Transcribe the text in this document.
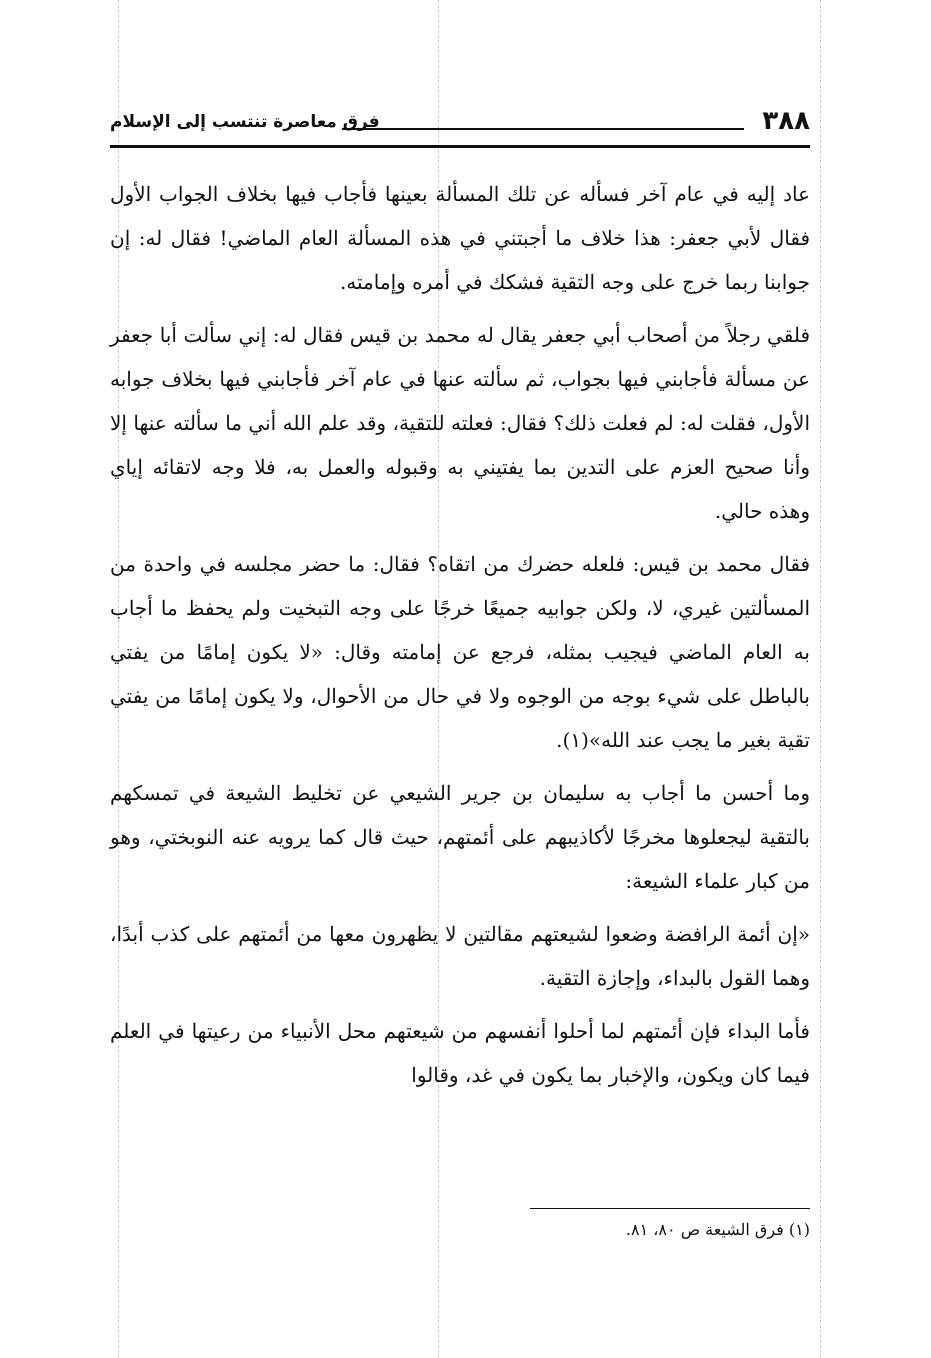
٣٨٨
فرق معاصرة تنتسب إلى الإسلام

عاد إليه في عام آخر فسأله عن تلك المسألة بعينها فأجاب فيها بخلاف الجواب الأول فقال لأبي جعفر: هذا خلاف ما أجبتني في هذه المسألة العام الماضي! فقال له: إن جوابنا ربما خرج على وجه التقية فشكك في أمره وإمامته.

فلقي رجلاً من أصحاب أبي جعفر يقال له محمد بن قيس فقال له: إني سألت أبا جعفر عن مسألة فأجابني فيها بجواب، ثم سألته عنها في عام آخر فأجابني فيها بخلاف جوابه الأول، فقلت له: لم فعلت ذلك؟ فقال: فعلته للتقية، وقد علم الله أني ما سألته عنها إلا وأنا صحيح العزم على التدين بما يفتيني به وقبوله والعمل به، فلا وجه لاتقائه إياي وهذه حالي.

فقال محمد بن قيس: فلعله حضرك من اتقاه؟ فقال: ما حضر مجلسه في واحدة من المسألتين غيري، لا، ولكن جوابيه جميعًا خرجًا على وجه التبخيت ولم يحفظ ما أجاب به العام الماضي فيجيب بمثله، فرجع عن إمامته وقال: «لا يكون إمامًا من يفتي بالباطل على شيء بوجه من الوجوه ولا في حال من الأحوال، ولا يكون إمامًا من يفتي تقية بغير ما يجب عند الله»(١).

وما أحسن ما أجاب به سليمان بن جرير الشيعي عن تخليط الشيعة في تمسكهم بالتقية ليجعلوها مخرجًا لأكاذيبهم على أئمتهم، حيث قال كما يرويه عنه النوبختي، وهو من كبار علماء الشيعة:

«إن أئمة الرافضة وضعوا لشيعتهم مقالتين لا يظهرون معها من أئمتهم على كذب أبدًا، وهما القول بالبداء، وإجازة التقية.

فأما البداء فإن أئمتهم لما أحلوا أنفسهم من شيعتهم محل الأنبياء من رعيتها في العلم فيما كان ويكون، والإخبار بما يكون في غد، وقالوا

(١) فرق الشيعة ص ٨٠، ٨١.
